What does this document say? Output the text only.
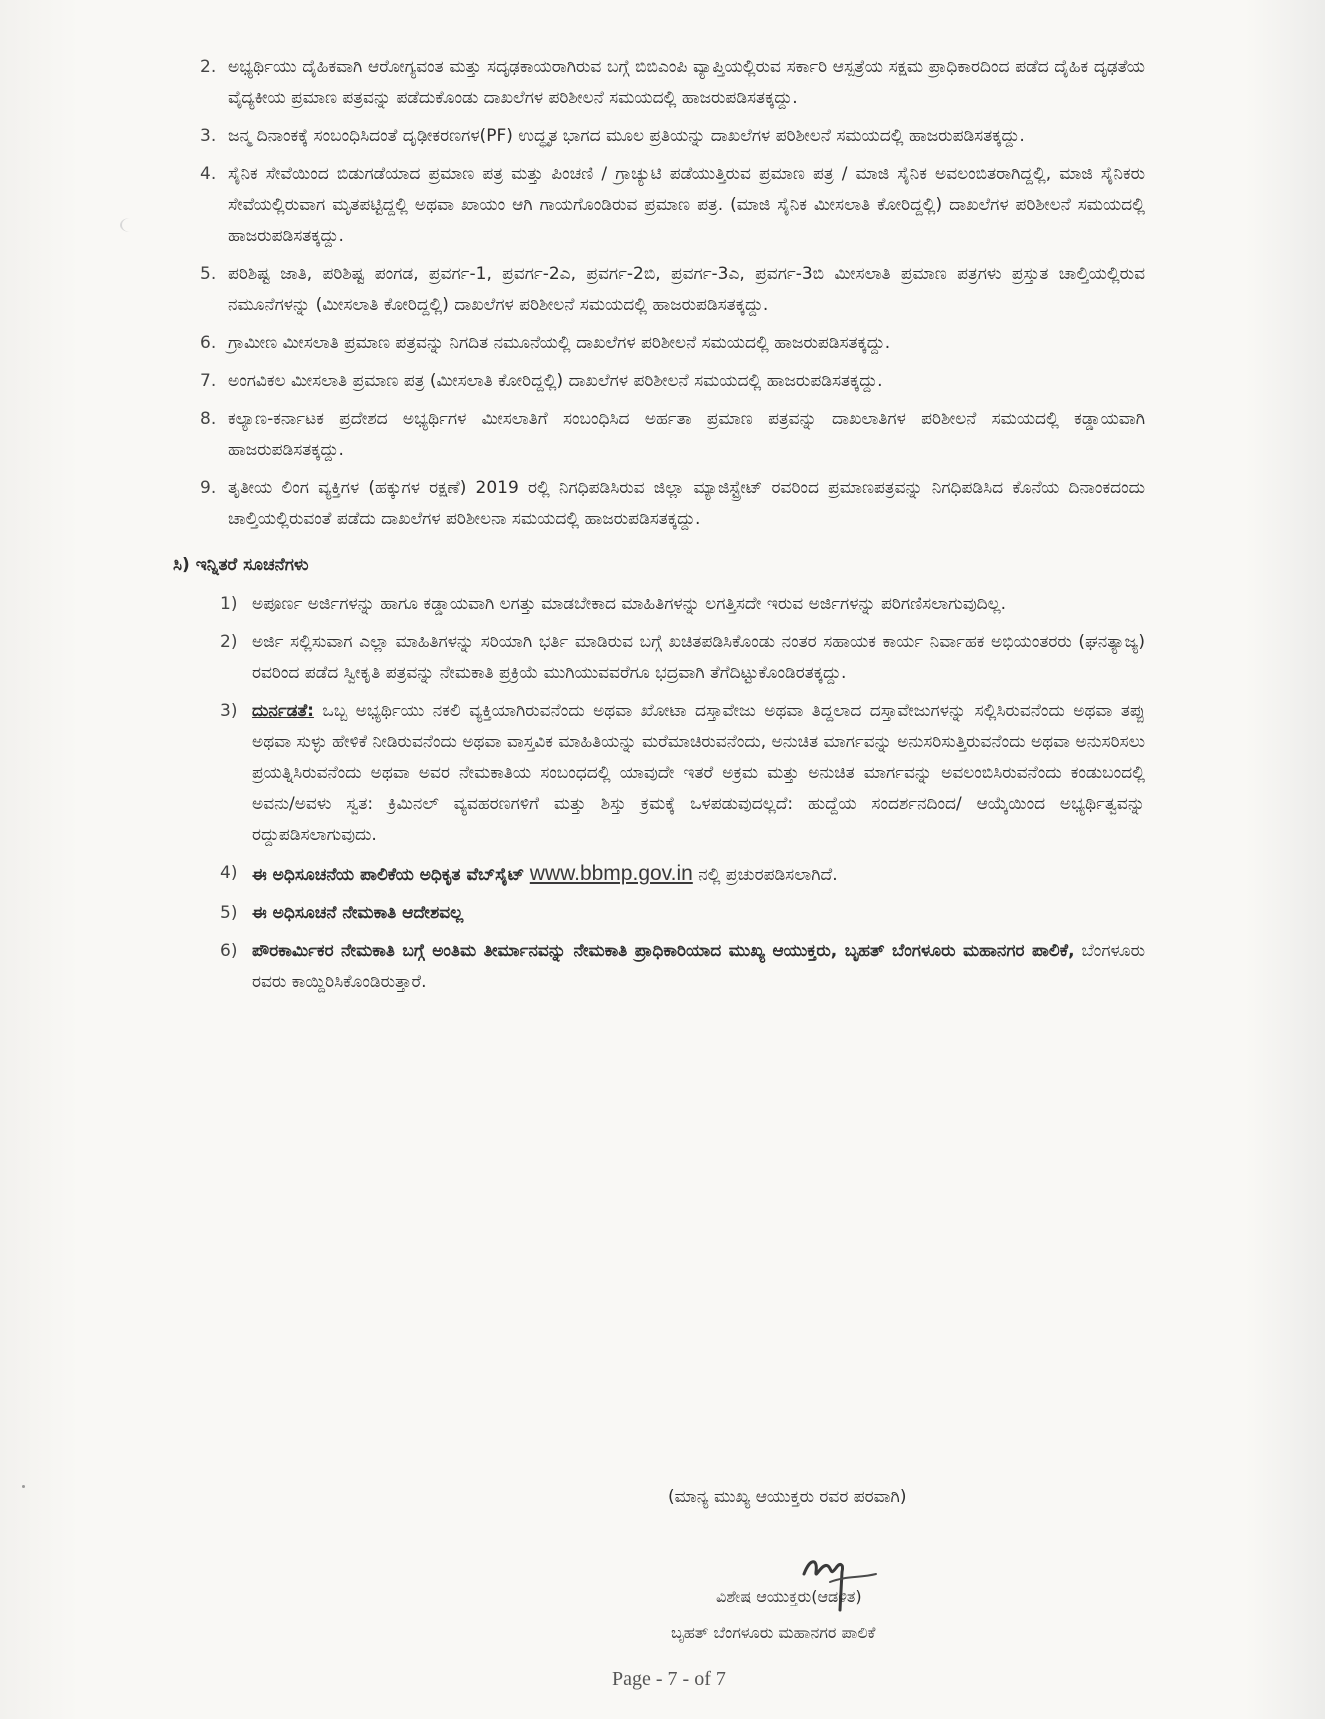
2. ಅಭ್ಯರ್ಥಿಯು ದೈಹಿಕವಾಗಿ ಆರೋಗ್ಯವಂತ ಮತ್ತು ಸದೃಢಕಾಯರಾಗಿರುವ ಬಗ್ಗೆ ಬಿಬಿಎಂಪಿ ವ್ಯಾಪ್ತಿಯಲ್ಲಿರುವ ಸರ್ಕಾರಿ ಆಸ್ಪತ್ರೆಯ ಸಕ್ಷಮ ಪ್ರಾಧಿಕಾರದಿಂದ ಪಡೆದ ದೈಹಿಕ ದೃಢತೆಯ ವೈದ್ಯಕೀಯ ಪ್ರಮಾಣ ಪತ್ರವನ್ನು ಪಡೆದುಕೊಂಡು ದಾಖಲೆಗಳ ಪರಿಶೀಲನೆ ಸಮಯದಲ್ಲಿ ಹಾಜರುಪಡಿಸತಕ್ಕದ್ದು.
3. ಜನ್ಮ ದಿನಾಂಕಕ್ಕೆ ಸಂಬಂಧಿಸಿದಂತೆ ದೃಢೀಕರಣಗಳ(PF) ಉದ್ಧೃತ ಭಾಗದ ಮೂಲ ಪ್ರತಿಯನ್ನು ದಾಖಲೆಗಳ ಪರಿಶೀಲನೆ ಸಮಯದಲ್ಲಿ ಹಾಜರುಪಡಿಸತಕ್ಕದ್ದು.
4. ಸೈನಿಕ ಸೇವೆಯಿಂದ ಬಿಡುಗಡೆಯಾದ ಪ್ರಮಾಣ ಪತ್ರ ಮತ್ತು ಪಿಂಚಣಿ / ಗ್ರಾಚ್ಯುಟಿ ಪಡೆಯುತ್ತಿರುವ ಪ್ರಮಾಣ ಪತ್ರ / ಮಾಜಿ ಸೈನಿಕ ಅವಲಂಬಿತರಾಗಿದ್ದಲ್ಲಿ, ಮಾಜಿ ಸೈನಿಕರು ಸೇವೆಯಲ್ಲಿರುವಾಗ ಮೃತಪಟ್ಟಿದ್ದಲ್ಲಿ ಅಥವಾ ಖಾಯಂ ಆಗಿ ಗಾಯಗೊಂಡಿರುವ ಪ್ರಮಾಣ ಪತ್ರ. (ಮಾಜಿ ಸೈನಿಕ ಮೀಸಲಾತಿ ಕೋರಿದ್ದಲ್ಲಿ) ದಾಖಲೆಗಳ ಪರಿಶೀಲನೆ ಸಮಯದಲ್ಲಿ ಹಾಜರುಪಡಿಸತಕ್ಕದ್ದು.
5. ಪರಿಶಿಷ್ಟ ಜಾತಿ, ಪರಿಶಿಷ್ಟ ಪಂಗಡ, ಪ್ರವರ್ಗ-1, ಪ್ರವರ್ಗ-2ಎ, ಪ್ರವರ್ಗ-2ಬಿ, ಪ್ರವರ್ಗ-3ಎ, ಪ್ರವರ್ಗ-3ಬಿ ಮೀಸಲಾತಿ ಪ್ರಮಾಣ ಪತ್ರಗಳು ಪ್ರಸ್ತುತ ಚಾಲ್ತಿಯಲ್ಲಿರುವ ನಮೂನೆಗಳನ್ನು (ಮೀಸಲಾತಿ ಕೋರಿದ್ದಲ್ಲಿ) ದಾಖಲೆಗಳ ಪರಿಶೀಲನೆ ಸಮಯದಲ್ಲಿ ಹಾಜರುಪಡಿಸತಕ್ಕದ್ದು.
6. ಗ್ರಾಮೀಣ ಮೀಸಲಾತಿ ಪ್ರಮಾಣ ಪತ್ರವನ್ನು ನಿಗದಿತ ನಮೂನೆಯಲ್ಲಿ ದಾಖಲೆಗಳ ಪರಿಶೀಲನೆ ಸಮಯದಲ್ಲಿ ಹಾಜರುಪಡಿಸತಕ್ಕದ್ದು.
7. ಅಂಗವಿಕಲ ಮೀಸಲಾತಿ ಪ್ರಮಾಣ ಪತ್ರ (ಮೀಸಲಾತಿ ಕೋರಿದ್ದಲ್ಲಿ) ದಾಖಲೆಗಳ ಪರಿಶೀಲನೆ ಸಮಯದಲ್ಲಿ ಹಾಜರುಪಡಿಸತಕ್ಕದ್ದು.
8. ಕಲ್ಯಾಣ-ಕರ್ನಾಟಕ ಪ್ರದೇಶದ ಅಭ್ಯರ್ಥಿಗಳ ಮೀಸಲಾತಿಗೆ ಸಂಬಂಧಿಸಿದ ಅರ್ಹತಾ ಪ್ರಮಾಣ ಪತ್ರವನ್ನು ದಾಖಲಾತಿಗಳ ಪರಿಶೀಲನೆ ಸಮಯದಲ್ಲಿ ಕಡ್ಡಾಯವಾಗಿ ಹಾಜರುಪಡಿಸತಕ್ಕದ್ದು.
9. ತೃತೀಯ ಲಿಂಗ ವ್ಯಕ್ತಿಗಳ (ಹಕ್ಕುಗಳ ರಕ್ಷಣೆ) 2019 ರಲ್ಲಿ ನಿಗಧಿಪಡಿಸಿರುವ ಜಿಲ್ಲಾ ಮ್ಯಾಜಿಸ್ಟ್ರೇಟ್ ರವರಿಂದ ಪ್ರಮಾಣಪತ್ರವನ್ನು ನಿಗಧಿಪಡಿಸಿದ ಕೊನೆಯ ದಿನಾಂಕದಂದು ಚಾಲ್ತಿಯಲ್ಲಿರುವಂತೆ ಪಡೆದು ದಾಖಲೆಗಳ ಪರಿಶೀಲನಾ ಸಮಯದಲ್ಲಿ ಹಾಜರುಪಡಿಸತಕ್ಕದ್ದು.
ಸಿ) ಇನ್ನಿತರೆ ಸೂಚನೆಗಳು
1) ಅಪೂರ್ಣ ಅರ್ಜಿಗಳನ್ನು ಹಾಗೂ ಕಡ್ಡಾಯವಾಗಿ ಲಗತ್ತು ಮಾಡಬೇಕಾದ ಮಾಹಿತಿಗಳನ್ನು ಲಗತ್ತಿಸದೇ ಇರುವ ಅರ್ಜಿಗಳನ್ನು ಪರಿಗಣಿಸಲಾಗುವುದಿಲ್ಲ.
2) ಅರ್ಜಿ ಸಲ್ಲಿಸುವಾಗ ಎಲ್ಲಾ ಮಾಹಿತಿಗಳನ್ನು ಸರಿಯಾಗಿ ಭರ್ತಿ ಮಾಡಿರುವ ಬಗ್ಗೆ ಖಚಿತಪಡಿಸಿಕೊಂಡು ನಂತರ ಸಹಾಯಕ ಕಾರ್ಯ ನಿರ್ವಾಹಕ ಅಭಿಯಂತರರು (ಘನತ್ಯಾಜ್ಯ) ರವರಿಂದ ಪಡೆದ ಸ್ವೀಕೃತಿ ಪತ್ರವನ್ನು ನೇಮಕಾತಿ ಪ್ರಕ್ರಿಯೆ ಮುಗಿಯುವವರೆಗೂ ಭದ್ರವಾಗಿ ತೆಗೆದಿಟ್ಟುಕೊಂಡಿರತಕ್ಕದ್ದು.
3) ದುರ್ನಡತೆ: ಒಬ್ಬ ಅಭ್ಯರ್ಥಿಯು ನಕಲಿ ವ್ಯಕ್ತಿಯಾಗಿರುವನೆಂದು ಅಥವಾ ಖೋಟಾ ದಸ್ತಾವೇಜು ಅಥವಾ ತಿದ್ದಲಾದ ದಸ್ತಾವೇಜುಗಳನ್ನು ಸಲ್ಲಿಸಿರುವನೆಂದು ಅಥವಾ ತಪ್ಪು ಅಥವಾ ಸುಳ್ಳು ಹೇಳಿಕೆ ನೀಡಿರುವನೆಂದು ಅಥವಾ ವಾಸ್ತವಿಕ ಮಾಹಿತಿಯನ್ನು ಮರೆಮಾಚಿರುವನೆಂದು, ಅನುಚಿತ ಮಾರ್ಗವನ್ನು ಅನುಸರಿಸುತ್ತಿರುವನೆಂದು ಅಥವಾ ಅನುಸರಿಸಲು ಪ್ರಯತ್ನಿಸಿರುವನೆಂದು ಅಥವಾ ಅವರ ನೇಮಕಾತಿಯ ಸಂಬಂಧದಲ್ಲಿ ಯಾವುದೇ ಇತರೆ ಅಕ್ರಮ ಮತ್ತು ಅನುಚಿತ ಮಾರ್ಗವನ್ನು ಅವಲಂಬಿಸಿರುವನೆಂದು ಕಂಡುಬಂದಲ್ಲಿ ಅವನು/ಅವಳು ಸ್ವತ: ಕ್ರಿಮಿನಲ್ ವ್ಯವಹರಣಗಳಿಗೆ ಮತ್ತು ಶಿಸ್ತು ಕ್ರಮಕ್ಕೆ ಒಳಪಡುವುದಲ್ಲದೆ: ಹುದ್ದೆಯ ಸಂದರ್ಶನದಿಂದ/ ಆಯ್ಕೆಯಿಂದ ಅಭ್ಯರ್ಥಿತ್ವವನ್ನು ರದ್ದುಪಡಿಸಲಾಗುವುದು.
4) ಈ ಅಧಿಸೂಚನೆಯ ಪಾಲಿಕೆಯ ಅಧಿಕೃತ ವೆಬ್‌ಸೈಟ್ www.bbmp.gov.in ನಲ್ಲಿ ಪ್ರಚುರಪಡಿಸಲಾಗಿದೆ.
5) ಈ ಅಧಿಸೂಚನೆ ನೇಮಕಾತಿ ಆದೇಶವಲ್ಲ
6) ಪೌರಕಾರ್ಮಿಕರ ನೇಮಕಾತಿ ಬಗ್ಗೆ ಅಂತಿಮ ತೀರ್ಮಾನವನ್ನು ನೇಮಕಾತಿ ಪ್ರಾಧಿಕಾರಿಯಾದ ಮುಖ್ಯ ಆಯುಕ್ತರು, ಬೃಹತ್ ಬೆಂಗಳೂರು ಮಹಾನಗರ ಪಾಲಿಕೆ, ಬೆಂಗಳೂರು ರವರು ಕಾಯ್ದಿರಿಸಿಕೊಂಡಿರುತ್ತಾರೆ.
(ಮಾನ್ಯ ಮುಖ್ಯ ಆಯುಕ್ತರು ರವರ ಪರವಾಗಿ)
ವಿಶೇಷ ಆಯುಕ್ತರು(ಆಡಳಿತ)
ಬೃಹತ್ ಬೆಂಗಳೂರು ಮಹಾನಗರ ಪಾಲಿಕೆ
Page - 7 - of 7
